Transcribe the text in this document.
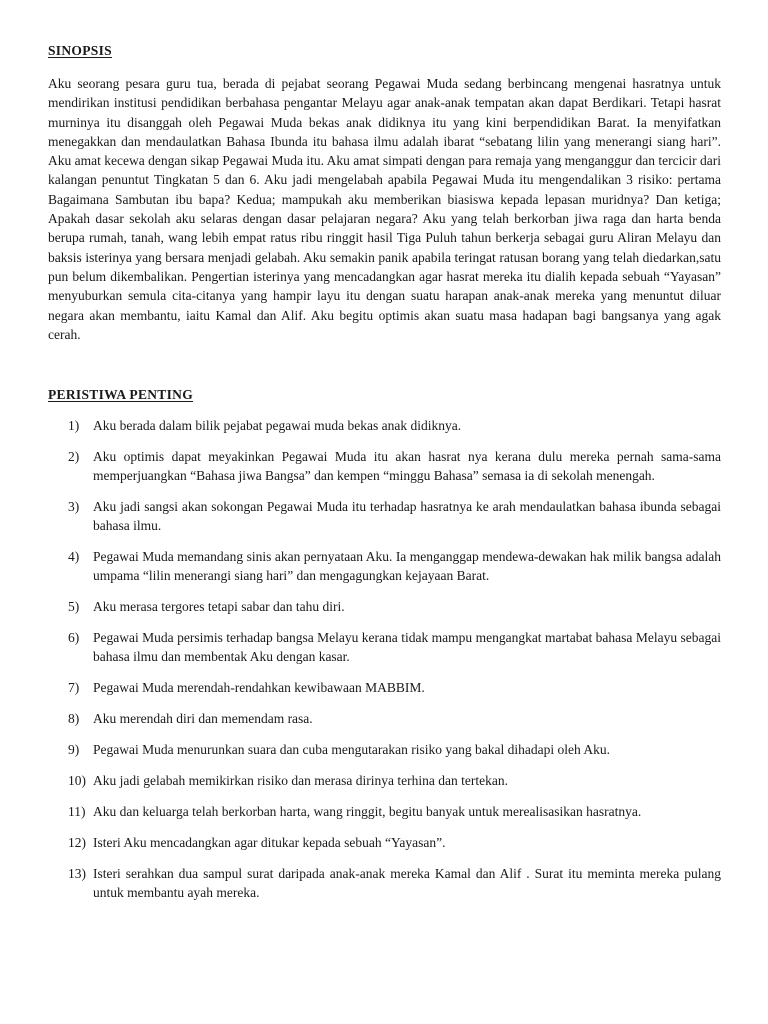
SINOPSIS

Aku seorang pesara guru tua, berada di pejabat seorang Pegawai Muda sedang berbincang mengenai hasratnya untuk mendirikan institusi pendidikan berbahasa pengantar Melayu agar anak-anak tempatan akan dapat Berdikari. Tetapi hasrat murninya itu disanggah oleh Pegawai Muda bekas anak didiknya itu yang kini berpendidikan Barat. Ia menyifatkan menegakkan dan mendaulatkan Bahasa Ibunda itu bahasa ilmu adalah ibarat “sebatang lilin yang menerangi siang hari”. Aku amat kecewa dengan sikap Pegawai Muda itu. Aku amat simpati dengan para remaja yang menganggur dan tercicir dari kalangan penuntut Tingkatan 5 dan 6. Aku jadi mengelabah apabila Pegawai Muda itu mengendalikan 3 risiko: pertama Bagaimana Sambutan ibu bapa? Kedua; mampukah aku memberikan biasiswa kepada lepasan muridnya? Dan ketiga; Apakah dasar sekolah aku selaras dengan dasar pelajaran negara? Aku yang telah berkorban jiwa raga dan harta benda berupa rumah, tanah, wang lebih empat ratus ribu ringgit hasil Tiga Puluh tahun berkerja sebagai guru Aliran Melayu dan baksis isterinya yang bersara menjadi gelabah. Aku semakin panik apabila teringat ratusan borang yang telah diedarkan,satu pun belum dikembalikan. Pengertian isterinya yang mencadangkan agar hasrat mereka itu dialih kepada sebuah “Yayasan” menyuburkan semula cita-citanya yang hampir layu itu dengan suatu harapan anak-anak mereka yang menuntut diluar negara akan membantu, iaitu Kamal dan Alif. Aku begitu optimis akan suatu masa hadapan bagi bangsanya yang agak cerah.

PERISTIWA PENTING
1)	Aku berada dalam bilik pejabat pegawai muda bekas anak didiknya.
2)	Aku optimis dapat meyakinkan Pegawai Muda itu akan hasrat nya kerana dulu mereka pernah sama-sama memperjuangkan “Bahasa jiwa Bangsa” dan kempen “minggu Bahasa” semasa ia di sekolah menengah.
3)	Aku jadi sangsi akan sokongan Pegawai Muda itu terhadap hasratnya ke arah mendaulatkan bahasa ibunda sebagai bahasa ilmu.
4)	Pegawai Muda memandang sinis akan pernyataan Aku. Ia menganggap mendewa-dewakan hak milik bangsa adalah umpama “lilin menerangi siang hari” dan mengagungkan kejayaan Barat.
5)	Aku merasa tergores tetapi sabar dan tahu diri.
6)	Pegawai Muda persimis terhadap bangsa Melayu kerana tidak mampu mengangkat martabat bahasa Melayu sebagai bahasa ilmu dan membentak Aku dengan kasar.
7)	Pegawai Muda merendah-rendahkan kewibawaan MABBIM.
8)	Aku merendah diri dan memendam rasa.
9)	Pegawai Muda menurunkan suara dan cuba mengutarakan risiko yang bakal dihadapi oleh Aku.
10) Aku jadi gelabah memikirkan risiko dan merasa dirinya terhina dan tertekan.
11) Aku dan keluarga telah berkorban harta, wang ringgit, begitu banyak untuk merealisasikan hasratnya.
12) Isteri Aku mencadangkan agar ditukar kepada sebuah “Yayasan”.
13) Isteri serahkan dua sampul surat daripada anak-anak mereka Kamal dan Alif . Surat itu meminta mereka pulang untuk membantu ayah mereka.
